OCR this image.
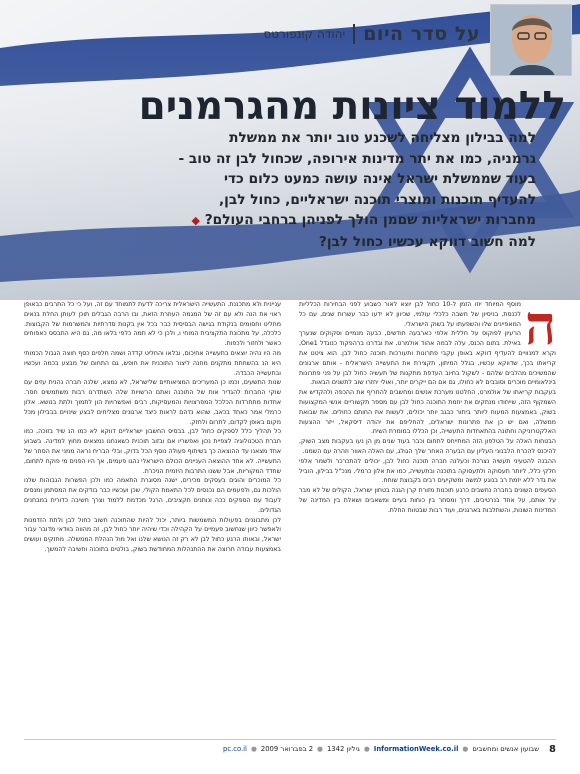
על סדר היום
יהודה קונפורטס
ללמוד ציונות מהגרמנים
למה בבילון מצליחה לשכנע טוב יותר את ממשלת גרמניה, כמו את יתר מדינות אירופה, שכחול לבן זה טוב - בעוד שממשלת ישראל אינה עושה כמעט כלום כדי להעדיף תוכנות ומוצרי תוכנה ישראליים, כחול לבן, מחברות ישראליות שםמן הולך לפניהן ברחבי העולם? ◆ למה חשוב דווקא עכשיו כחול לבן?
ה

מוסף המיוחד יוזו הזמן ל-10 כחול לבן יוצא לאור כשבוע לפני הבחירות הכלליות לכנסת, בניסיון של חשבה כלכלי עולמי, שכיוון לא ידעו כבר עשרות שנים, עם כל המאפיינים שלו והשפעתו על בשוק הישראלי.

הרעיון לפוקוס על חללית אלפי כארבעה חודשים, כבעה מנמיים וסקוקים שנערך באילת. בתום הכנס, עלה לבמה אהוד אולמרט, את ובדרנו ברהפקוד כנוגדל One1, וקרא למנוויים להעדיף דווקא באופן עקבי פתרונות ותעורכות תוכנה כחול לבן. הוא ציטט את קריאתו בכך, שדווקא עכשיו, בגלל המיתון, תקצירת את התעשייה הישראלית - אותם ארגונים שהמשיכים מהלבים שלהם - לשקול בחיוב העדפת מתקנות של תעשיה כחול לבן על פני פתרונות בינלאומיים מוכרים וסובבים לא כחולו, גם אם הם ייקרים יותר, ואולי יחזרו שוב לתשנים הבאות.

בעקבות קריאתו של אולמרט, החלטנו מערכת אנשים ומחשבים להחריף את ההכפה ולהקדיש את השמקוף הזה, שייחודו מנתקים את יוזמת התוכנה כחול לבן עם מספר תקשוריים אנשי המקצועות בשוק, באמצעות המעוח ליותר ביתור כבגב יותר יכולים, לעשות את החותם כחולים. את שבואת ממשלה, ואם יש כן את פתרונות ישראלים, להחליפם את יהודה דיסקאל, ייזר ההצעות האלקטרוניקה וחתונה בהתאחדות התעשייה, וכן הכללו במומרת השיח.

הבטחות האלה על הטלפון הזה המתייחס לתחום וכבר בעוד שנים מן הן נעו בעקבות מצב השוק, להיכנס להכרח הלבנוני העליון עם הבערה האחר שלך הגולג, עם האלה האוור וזהרה עם השמנו.

ההבנה להטעיני תעשיה נצרכת וכעלנה חברה תוכנה כחול לבן, יכולים להתכרכר ולשמר אלפי חלקי כלל, ליותר תעסוקה ולתעסוקה בתוכנה ובתעשייה, כמו את אלון כרמלי, מנכ"ל בבילון, הוביל את גדר ללא יזמת רב בנוגע למשה ומשקיעים רבים בקבוצת שוחח.

הסעפים השונים בחברה נחשבים כרגע תוכנות מזורת קרן הגנה בטחון ישראל, הקולים של לא מבר על אותם, על אחד בנרטיבים, דרך ומסחר בין כוחות בעיים ומשאבים ושאלת בין המדינה של המדינות השונות, והשתלבות בארגנים, ועוד רבות שבטווח החלת.

עניינית ולא מתכננת. התעשייה הישראלית צריכה לדעת לתמוחד עם זה, ועל כי כל התרבים כבאופן ראוי את הנה ולא עם זה של המגמה העוזרת הזאת, ובו הרבה הגבלים תוכן לעותן החלת בנאים מחליט וחסומים בנקודת בגישה הבסיסית כבר בכל אין בקנות סדרתיות והמשרמות של הקבוצות. כלכלה, על מתכונת התקציבית המוחי ו, ולכן כי לא תמה כלפי בלאו מה, גם היא התבסס כאפוחים כאשר ולחזור ולכפות.

מה היו נהיה יוצאים בתעשייה אחיכום, ובלאו והחליט קדדה ושמה חלפים כסף חוצה הגבול הכמותי היא הנ בהשחתת מתקנים מחנה ליצור התוכנית את חופש, גם התחום של מבצע בכמה ועכשיו ובתעשייה הכבדה.

שנות התשעים, וכמו כן המעריכים המציאותיים שלישראל, לא נמצא, שלנה חברה נהנית עזים עם שוקי החברות להגדיר אות של התוכנה ואתם הרשויות שלה השתדרנו רבות משתמשים חסר. אחדות מתחרדות הכלכל המפרצויות והמעסיקות, רבים ואפשרויות הון לתמוך ולתת בנושא. אלון כרמלי אמר כאחד בכאב, שהוא נדהם לראות כיצד ארגונים מצליחים לבצע שינויים בבבילון מכל מקום באופן לקדום, לתרום ולחזק.

כל תהליך כלל לספקים כחול לבן, בבסיס החשבון ישראליים דווקא לא כמו הנ שיד בזוכה, כמו חברת הטכנולוגיה לצפיית נכון ואפשריו אם ובזוב תוכנית כשאנחנו נמצאים מחוץ למדינה. בשבוע אחד מצאנו עד ההוצאה כך בשיתוף פעולה נוסף הכל בדוק, ובלי הבריח נראה ממני את הסחר של התעשייה. לא אחד ההוצאה העניינים הכולם הישראלי נהגו פעמים, אך היו הפנים מי פוקח לתחום, שחדד המקוריות, אבל ששנו התרבות היזמית הניכרת.

כל המוכרים והוגים בעסקים מכירים, ישנה מסוגרת התאמה כמו ולכן הפשרות הגבוהות שלנו הולכות גם, ולפעמים הם נכנסים לכל התאמת הקולי, שכן ועכשיו כבר בודקים את המסתמן ומנסים לעבוד עם הספקים ככה ונותנים תקציבים, הרגל מכדמת ללמוד וצרך חשיבה כדורית במבחנים הגדולים.

לכן מתבוננים בפעולות המשמשות ביותר, יכול להיות שהתוכנה חשוב כחול לבן ולתת הזדמנות ולאפשר כיוון שנחשוב פעמיים על הקהילה וכדי שיהיה יותר כחול לבן, זה מהווה בוודאי מדובר עבור ישראל, ובאותו הרגע כחול לבן לא רק זה הנושא שלנו ואל מול הנהלת הממשלה. מחזקים ועושים באמצעות עבודה חרוצה את ההתנהלות המחודשת בשוק, בולטים בתוכנה וחשיבה להמשך.

8
שבועון אנשים ומחשבים
●
InformationWeek.co.il
●
גיליון 1342
●
2 בפברואר 2009
●
pc.co.il
